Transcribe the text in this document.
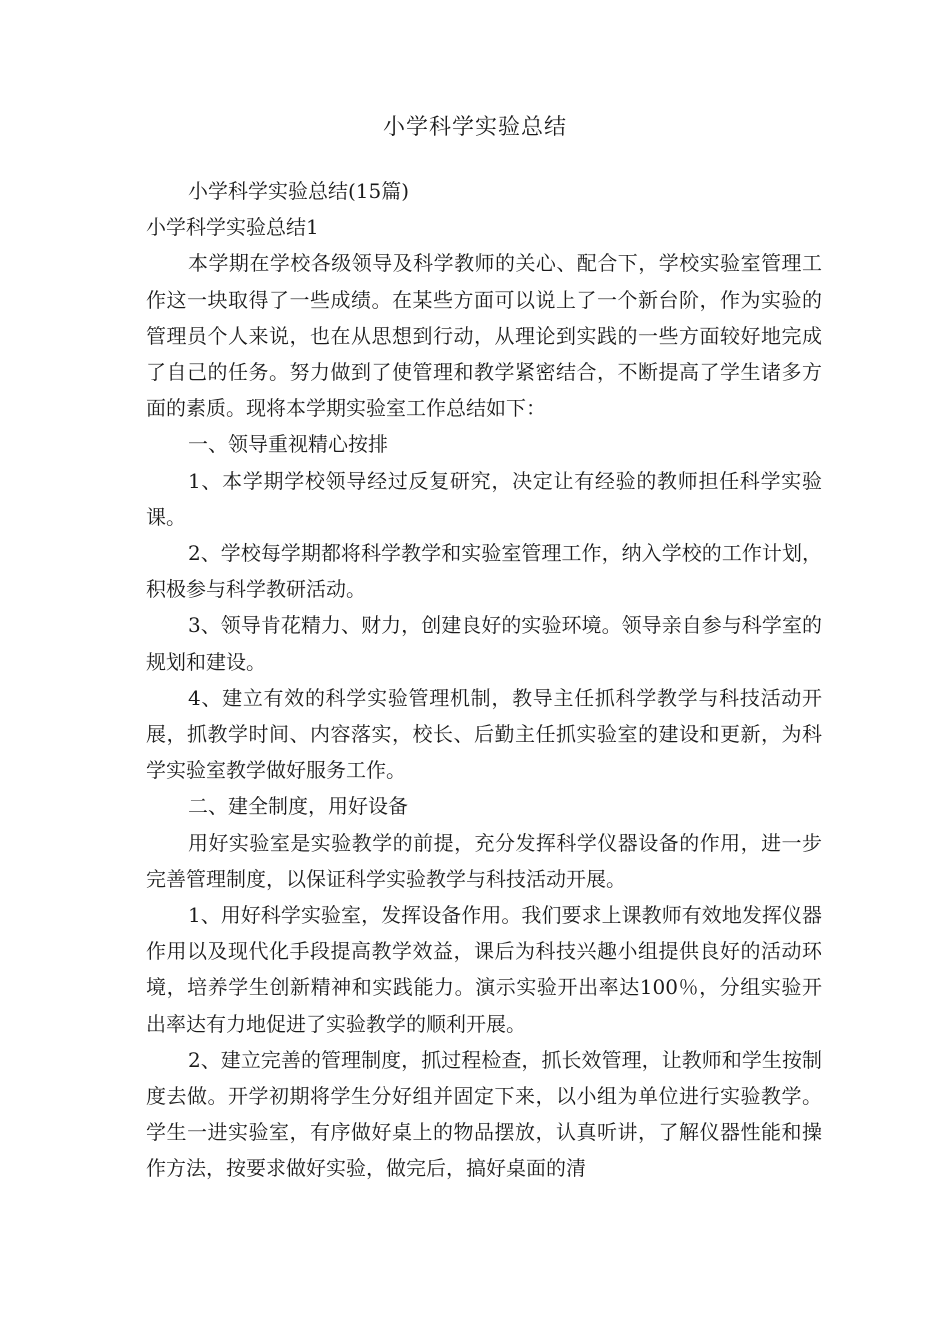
小学科学实验总结

小学科学实验总结(15篇)

小学科学实验总结1

本学期在学校各级领导及科学教师的关心、配合下，学校实验室管理工作这一块取得了一些成绩。在某些方面可以说上了一个新台阶，作为实验的管理员个人来说，也在从思想到行动，从理论到实践的一些方面较好地完成了自己的任务。努力做到了使管理和教学紧密结合，不断提高了学生诸多方面的素质。现将本学期实验室工作总结如下：

一、领导重视精心按排

1、本学期学校领导经过反复研究，决定让有经验的教师担任科学实验课。

2、学校每学期都将科学教学和实验室管理工作，纳入学校的工作计划，积极参与科学教研活动。

3、领导肯花精力、财力，创建良好的实验环境。领导亲自参与科学室的规划和建设。

4、建立有效的科学实验管理机制，教导主任抓科学教学与科技活动开展，抓教学时间、内容落实，校长、后勤主任抓实验室的建设和更新，为科学实验室教学做好服务工作。

二、建全制度，用好设备

用好实验室是实验教学的前提，充分发挥科学仪器设备的作用，进一步完善管理制度，以保证科学实验教学与科技活动开展。

1、用好科学实验室，发挥设备作用。我们要求上课教师有效地发挥仪器作用以及现代化手段提高教学效益，课后为科技兴趣小组提供良好的活动环境，培养学生创新精神和实践能力。演示实验开出率达100％，分组实验开出率达有力地促进了实验教学的顺利开展。

2、建立完善的管理制度，抓过程检查，抓长效管理，让教师和学生按制度去做。开学初期将学生分好组并固定下来，以小组为单位进行实验教学。学生一进实验室，有序做好桌上的物品摆放，认真听讲，了解仪器性能和操作方法，按要求做好实验，做完后，搞好桌面的清
